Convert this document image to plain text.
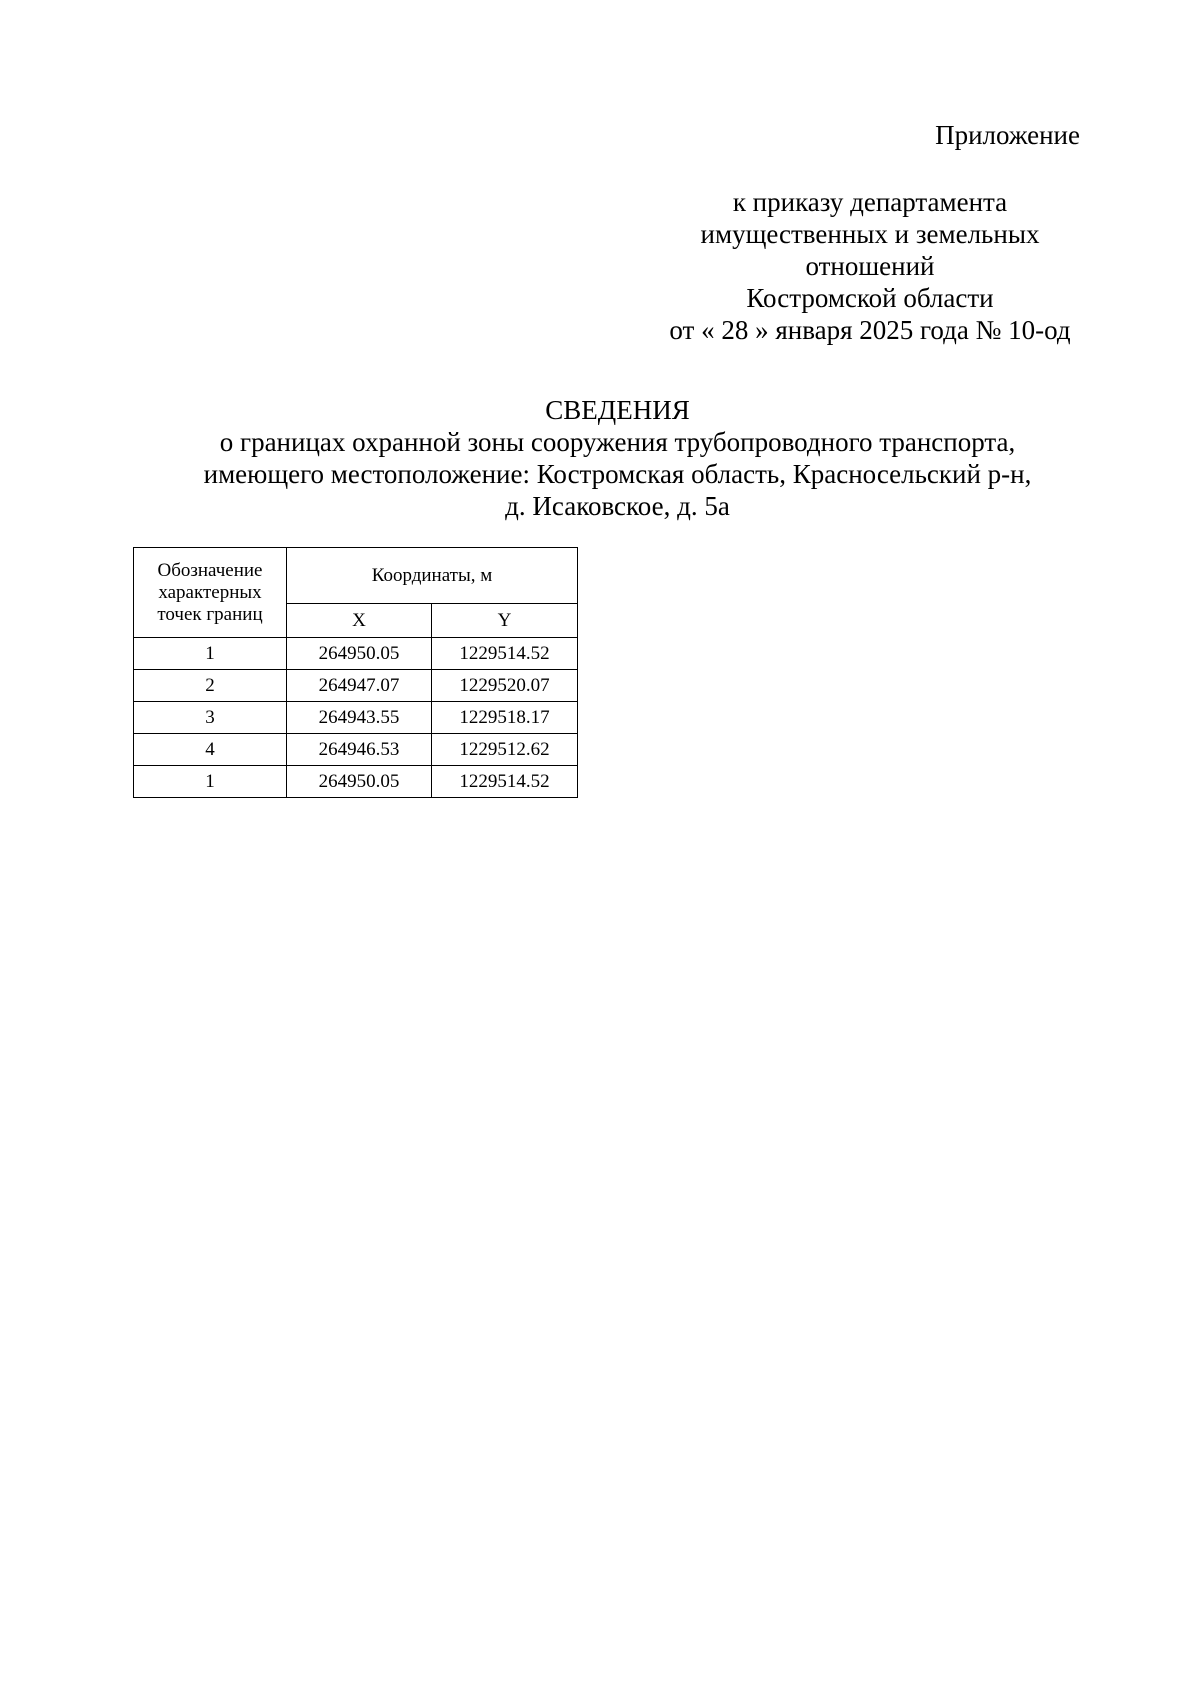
Приложение
к приказу департамента
имущественных и земельных
отношений
Костромской области
от « 28 » января 2025 года № 10-од
СВЕДЕНИЯ
о границах охранной зоны сооружения трубопроводного транспорта,
имеющего местоположение: Костромская область, Красносельский р-н,
д. Исаковское, д. 5а
Обозначение
характерных
точек границ	Координаты, м	
	X	Y
1	264950.05	1229514.52
2	264947.07	1229520.07
3	264943.55	1229518.17
4	264946.53	1229512.62
1	264950.05	1229514.52
